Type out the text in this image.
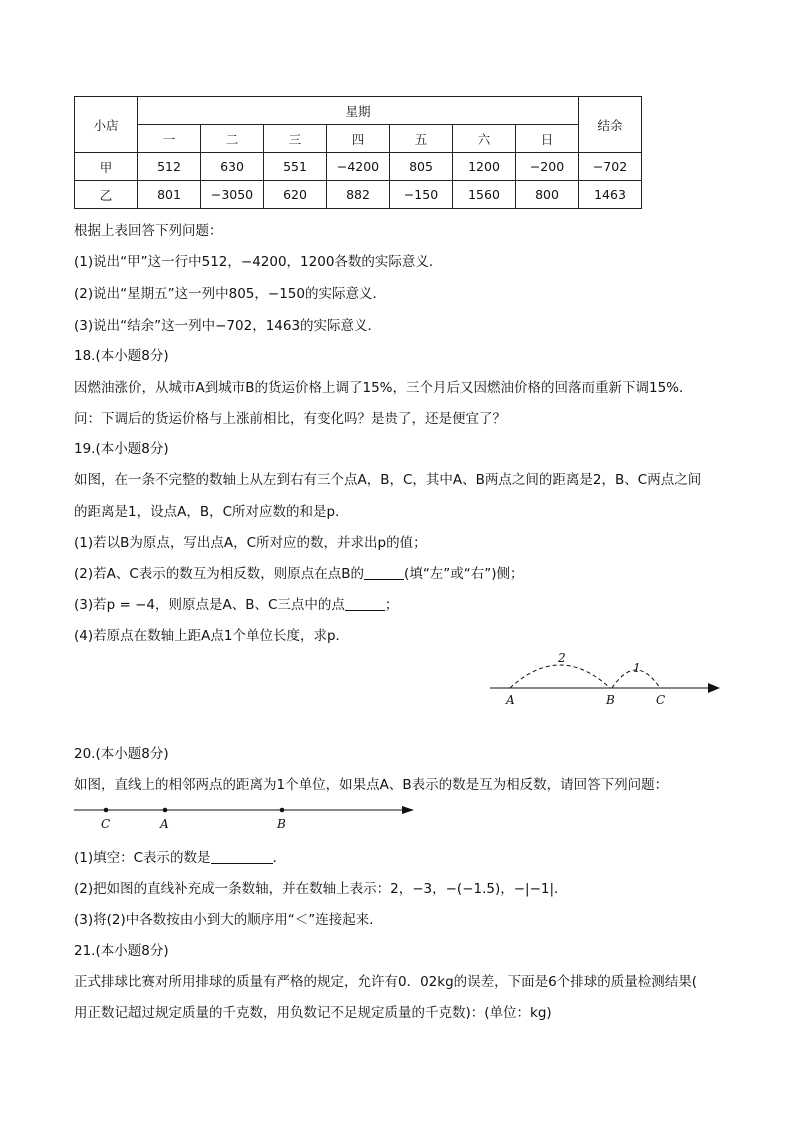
小店	星期							结余
	一	二	三	四	五	六	日	
甲	512	630	551	−4200	805	1200	−200	−702
乙	801	−3050	620	882	−150	1560	800	1463
根据上表回答下列问题：
(1)说出“甲”这一行中512，−4200，1200各数的实际意义．
(2)说出“星期五”这一列中805，−150的实际意义．
(3)说出“结余”这一列中−702，1463的实际意义．
18.(本小题8分)
因燃油涨价，从城市A到城市B的货运价格上调了15%，三个月后又因燃油价格的回落而重新下调15%．
问：下调后的货运价格与上涨前相比，有变化吗？是贵了，还是便宜了？
19.(本小题8分)
如图，在一条不完整的数轴上从左到右有三个点A，B，C，其中A、B两点之间的距离是2，B、C两点之间
的距离是1，设点A，B，C所对应数的和是p．
(1)若以B为原点，写出点A，C所对应的数，并求出p的值；
(2)若A、C表示的数互为相反数，则原点在点B的	(填“左”或“右”)侧；
(3)若p = −4，则原点是A、B、C三点中的点	；
(4)若原点在数轴上距A点1个单位长度，求p．
2
1
A	B	C
20.(本小题8分)
如图，直线上的相邻两点的距离为1个单位，如果点A、B表示的数是互为相反数，请回答下列问题：
C	A	B
(1)填空：C表示的数是	．
(2)把如图的直线补充成一条数轴，并在数轴上表示：2，−3，−(−1.5)，−|−1|．
(3)将(2)中各数按由小到大的顺序用“＜”连接起来．
21.(本小题8分)
正式排球比赛对所用排球的质量有严格的规定，允许有0．02kg的误差，下面是6个排球的质量检测结果(
用正数记超过规定质量的千克数，用负数记不足规定质量的千克数)：(单位：kg)
